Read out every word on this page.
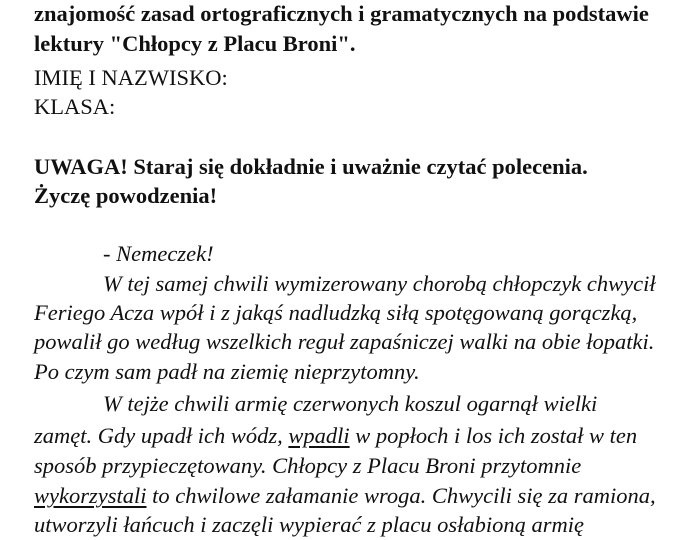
znajomość zasad ortograficznych i gramatycznych na podstawie
lektury "Chłopcy z Placu Broni".
IMIĘ I NAZWISKO:
KLASA:
UWAGA! Staraj się dokładnie i uważnie czytać polecenia.
Życzę powodzenia!
- Nemeczek!
W tej samej chwili wymizerowany chorobą chłopczyk chwycił
Feriego Acza wpół i z jakąś nadludzką siłą spotęgowaną gorączką,
powalił go według wszelkich reguł zapaśniczej walki na obie łopatki.
Po czym sam padł na ziemię nieprzytomny.
W tejże chwili armię czerwonych koszul ogarnął wielki
zamęt. Gdy upadł ich wódz, wpadli w popłoch i los ich został w ten
sposób przypieczętowany. Chłopcy z Placu Broni przytomnie
wykorzystali to chwilowe załamanie wroga. Chwycili się za ramiona,
utworzyli łańcuch i zaczęli wypierać z placu osłabioną armię
